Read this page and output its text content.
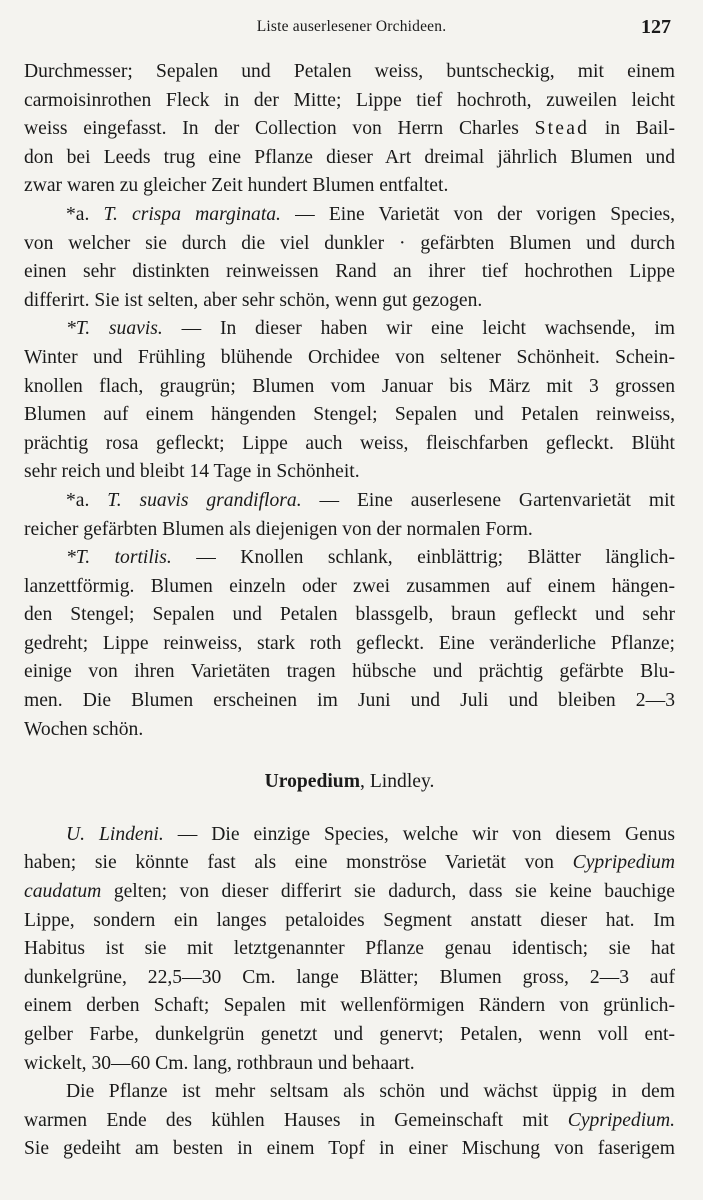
Liste auserlesener Orchideen.	127
Durchmesser; Sepalen und Petalen weiss, buntscheckig, mit einem
carmoisinrothen Fleck in der Mitte; Lippe tief hochroth, zuweilen leicht
weiss eingefasst. In der Collection von Herrn Charles Stead in Bail-
don bei Leeds trug eine Pflanze dieser Art dreimal jährlich Blumen und
zwar waren zu gleicher Zeit hundert Blumen entfaltet.
*a. T. crispa marginata. — Eine Varietät von der vorigen Species,
von welcher sie durch die viel dunkler · gefärbten Blumen und durch
einen sehr distinkten reinweissen Rand an ihrer tief hochrothen Lippe
differirt. Sie ist selten, aber sehr schön, wenn gut gezogen.
*T. suavis. — In dieser haben wir eine leicht wachsende, im
Winter und Frühling blühende Orchidee von seltener Schönheit. Schein-
knollen flach, graugrün; Blumen vom Januar bis März mit 3 grossen
Blumen auf einem hängenden Stengel; Sepalen und Petalen reinweiss,
prächtig rosa gefleckt; Lippe auch weiss, fleischfarben gefleckt. Blüht
sehr reich und bleibt 14 Tage in Schönheit.
*a. T. suavis grandiflora. — Eine auserlesene Gartenvarietät mit
reicher gefärbten Blumen als diejenigen von der normalen Form.
*T. tortilis. — Knollen schlank, einblättrig; Blätter länglich-
lanzettförmig. Blumen einzeln oder zwei zusammen auf einem hängen-
den Stengel; Sepalen und Petalen blassgelb, braun gefleckt und sehr
gedreht; Lippe reinweiss, stark roth gefleckt. Eine veränderliche Pflanze;
einige von ihren Varietäten tragen hübsche und prächtig gefärbte Blu-
men. Die Blumen erscheinen im Juni und Juli und bleiben 2—3
Wochen schön.
Uropedium, Lindley.
U. Lindeni. — Die einzige Species, welche wir von diesem Genus
haben; sie könnte fast als eine monströse Varietät von Cypripedium
caudatum gelten; von dieser differirt sie dadurch, dass sie keine bauchige
Lippe, sondern ein langes petaloides Segment anstatt dieser hat. Im
Habitus ist sie mit letztgenannter Pflanze genau identisch; sie hat
dunkelgrüne, 22,5—30 Cm. lange Blätter; Blumen gross, 2—3 auf
einem derben Schaft; Sepalen mit wellenförmigen Rändern von grünlich-
gelber Farbe, dunkelgrün genetzt und genervt; Petalen, wenn voll ent-
wickelt, 30—60 Cm. lang, rothbraun und behaart.
Die Pflanze ist mehr seltsam als schön und wächst üppig in dem
warmen Ende des kühlen Hauses in Gemeinschaft mit Cypripedium.
Sie gedeiht am besten in einem Topf in einer Mischung von faserigem
